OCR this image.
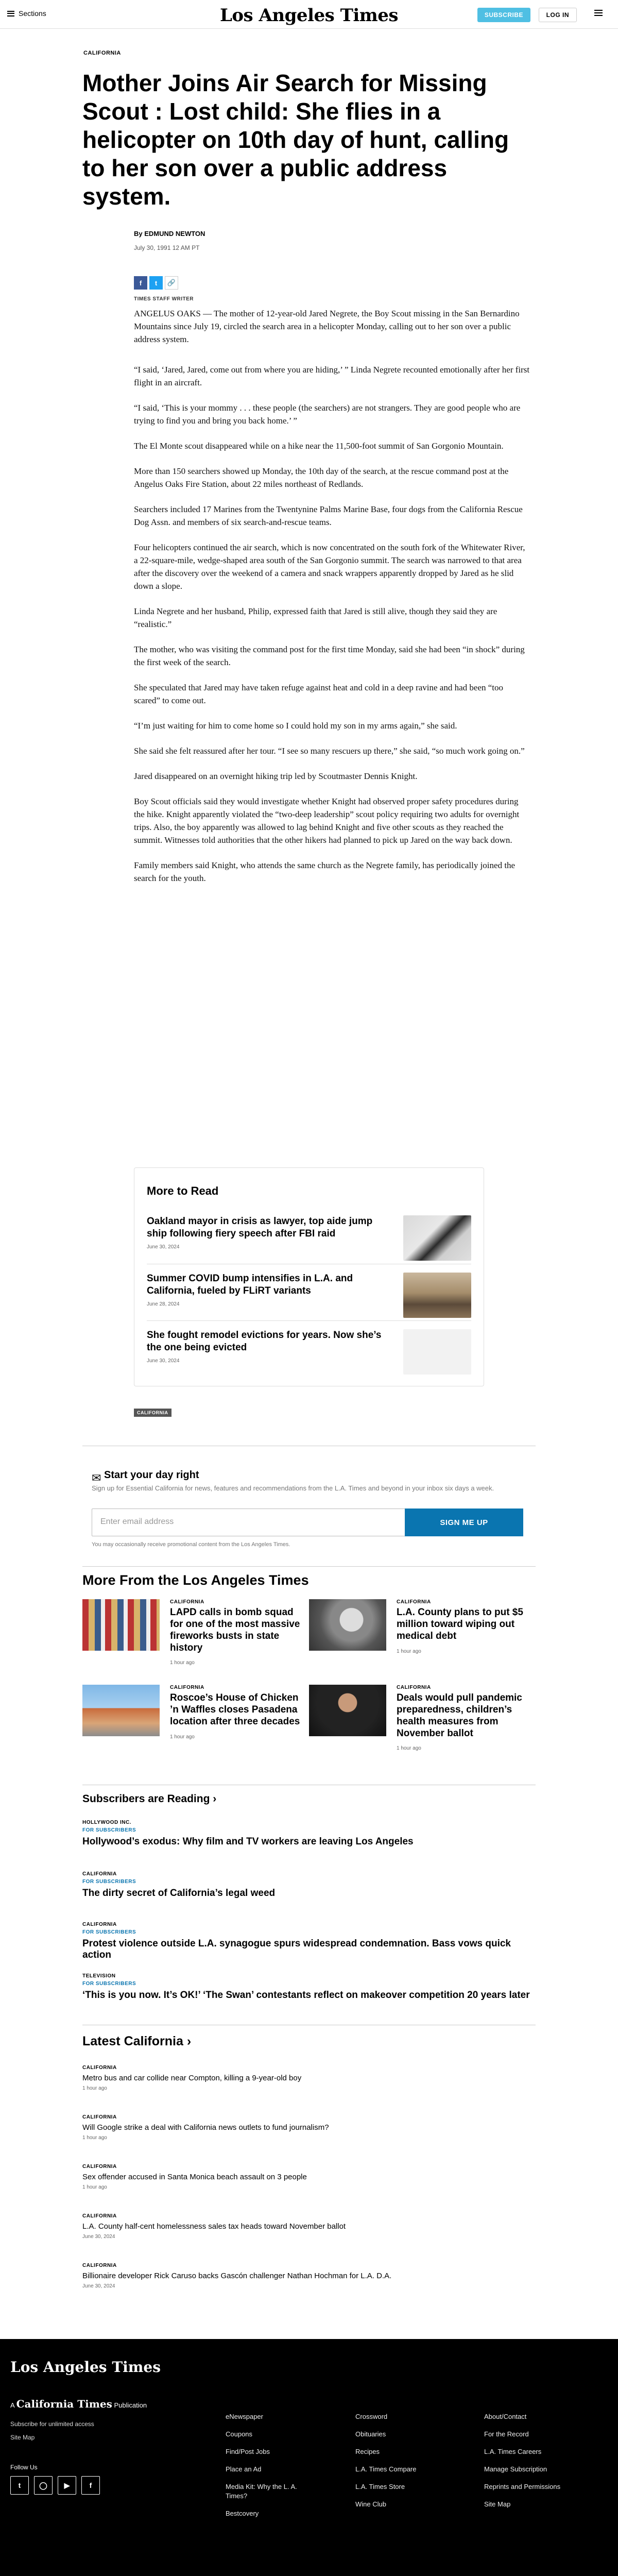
Sections	Los Angeles Times	SUBSCRIBE	LOG IN
CALIFORNIA
Mother Joins Air Search for Missing Scout : Lost child: She flies in a helicopter on 10th day of hunt, calling to her son over a public address system.
By EDMUND NEWTON
July 30, 1991 12 AM PT
f	t	🔗
TIMES STAFF WRITER

ANGELUS OAKS — The mother of 12-year-old Jared Negrete, the Boy Scout missing in the San Bernardino Mountains since July 19, circled the search area in a helicopter Monday, calling out to her son over a public address system.

“I said, ‘Jared, Jared, come out from where you are hiding,’ ” Linda Negrete recounted emotionally after her first flight in an aircraft.

“I said, ‘This is your mommy . . . these people (the searchers) are not strangers. They are good people who are trying to find you and bring you back home.’ ”

The El Monte scout disappeared while on a hike near the 11,500-foot summit of San Gorgonio Mountain.

More than 150 searchers showed up Monday, the 10th day of the search, at the rescue command post at the Angelus Oaks Fire Station, about 22 miles northeast of Redlands.

Searchers included 17 Marines from the Twentynine Palms Marine Base, four dogs from the California Rescue Dog Assn. and members of six search-and-rescue teams.

Four helicopters continued the air search, which is now concentrated on the south fork of the Whitewater River, a 22-square-mile, wedge-shaped area south of the San Gorgonio summit. The search was narrowed to that area after the discovery over the weekend of a camera and snack wrappers apparently dropped by Jared as he slid down a slope.

Linda Negrete and her husband, Philip, expressed faith that Jared is still alive, though they said they are “realistic.”

The mother, who was visiting the command post for the first time Monday, said she had been “in shock” during the first week of the search.

She speculated that Jared may have taken refuge against heat and cold in a deep ravine and had been “too scared” to come out.

“I’m just waiting for him to come home so I could hold my son in my arms again,” she said.

She said she felt reassured after her tour. “I see so many rescuers up there,” she said, “so much work going on.”

Jared disappeared on an overnight hiking trip led by Scoutmaster Dennis Knight.

Boy Scout officials said they would investigate whether Knight had observed proper safety procedures during the hike. Knight apparently violated the “two-deep leadership” scout policy requiring two adults for overnight trips. Also, the boy apparently was allowed to lag behind Knight and five other scouts as they reached the summit. Witnesses told authorities that the other hikers had planned to pick up Jared on the way back down.

Family members said Knight, who attends the same church as the Negrete family, has periodically joined the search for the youth.

More to Read
Oakland mayor in crisis as lawyer, top aide jump ship following fiery speech after FBI raid
June 30, 2024
Summer COVID bump intensifies in L.A. and California, fueled by FLiRT variants
June 28, 2024
She fought remodel evictions for years. Now she’s the one being evicted
June 30, 2024
CALIFORNIA
✉ Start your day right
Sign up for Essential California for news, features and recommendations from the L.A. Times and beyond in your inbox six days a week.
Enter email address	SIGN ME UP
You may occasionally receive promotional content from the Los Angeles Times.
More From the Los Angeles Times
CALIFORNIA
LAPD calls in bomb squad for one of the most massive fireworks busts in state history
1 hour ago
CALIFORNIA
L.A. County plans to put $5 million toward wiping out medical debt
1 hour ago
CALIFORNIA
Roscoe’s House of Chicken ’n Waffles closes Pasadena location after three decades
1 hour ago
CALIFORNIA
Deals would pull pandemic preparedness, children’s health measures from November ballot
1 hour ago
Subscribers are Reading ›
HOLLYWOOD INC.
FOR SUBSCRIBERS
Hollywood’s exodus: Why film and TV workers are leaving Los Angeles
CALIFORNIA
FOR SUBSCRIBERS
The dirty secret of California’s legal weed
CALIFORNIA
FOR SUBSCRIBERS
Protest violence outside L.A. synagogue spurs widespread condemnation. Bass vows quick action
TELEVISION
FOR SUBSCRIBERS
‘This is you now. It’s OK!’ ‘The Swan’ contestants reflect on makeover competition 20 years later
Latest California ›
CALIFORNIA
Metro bus and car collide near Compton, killing a 9-year-old boy
1 hour ago
CALIFORNIA
Will Google strike a deal with California news outlets to fund journalism?
1 hour ago
CALIFORNIA
Sex offender accused in Santa Monica beach assault on 3 people
1 hour ago
CALIFORNIA
L.A. County half-cent homelessness sales tax heads toward November ballot
June 30, 2024
CALIFORNIA
Billionaire developer Rick Caruso backs Gascón challenger Nathan Hochman for L.A. D.A.
June 30, 2024
Los Angeles Times
A California Times Publication
Subscribe for unlimited access
Site Map
Follow Us
t	◯	▶	f
eNewspaper
Coupons
Find/Post Jobs
Place an Ad
Media Kit: Why the L. A. Times?
Bestcovery
Crossword
Obituaries
Recipes
L.A. Times Compare
L.A. Times Store
Wine Club
About/Contact
For the Record
L.A. Times Careers
Manage Subscription
Reprints and Permissions
Site Map
